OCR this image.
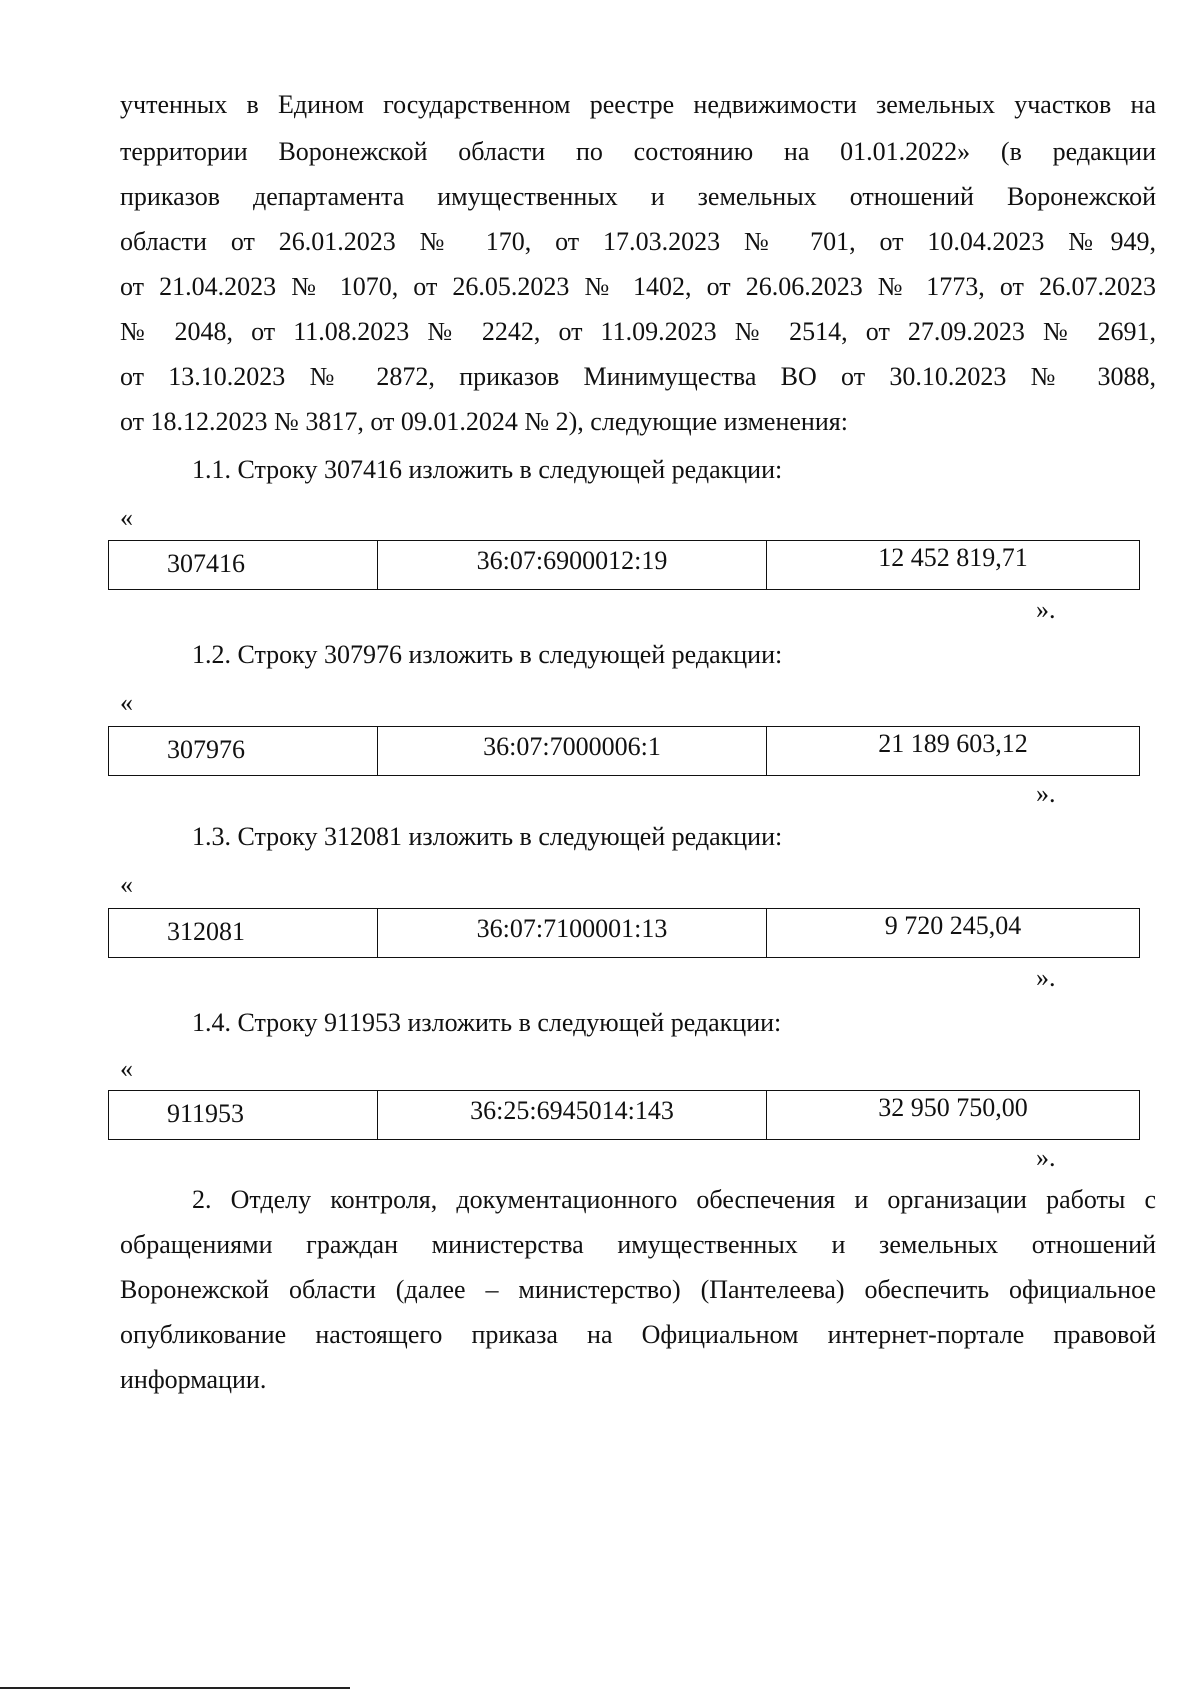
учтенных в Едином государственном реестре недвижимости земельных участков на
территории Воронежской области по состоянию на 01.01.2022» (в редакции
приказов департамента имущественных и земельных отношений Воронежской
области от 26.01.2023 № 170, от 17.03.2023 № 701, от 10.04.2023 №949,
от 21.04.2023 № 1070, от 26.05.2023 № 1402, от 26.06.2023 № 1773, от 26.07.2023
№ 2048, от 11.08.2023 № 2242, от 11.09.2023 № 2514, от 27.09.2023 № 2691,
от 13.10.2023 № 2872, приказов Минимущества ВО от 30.10.2023 № 3088,
от 18.12.2023 № 3817, от 09.01.2024 № 2), следующие изменения:
1.1. Строку 307416 изложить в следующей редакции:
«
307416	36:07:6900012:19	12 452 819,71
».
1.2. Строку 307976 изложить в следующей редакции:
«
307976	36:07:7000006:1	21 189 603,12
».
1.3. Строку 312081 изложить в следующей редакции:
«
312081	36:07:7100001:13	9 720 245,04
».
1.4. Строку 911953 изложить в следующей редакции:
«
911953	36:25:6945014:143	32 950 750,00
».
2. Отделу контроля, документационного обеспечения и организации работы с
обращениями граждан министерства имущественных и земельных отношений
Воронежской области (далее – министерство) (Пантелеева) обеспечить официальное
опубликование настоящего приказа на Официальном интернет-портале правовой
информации.
